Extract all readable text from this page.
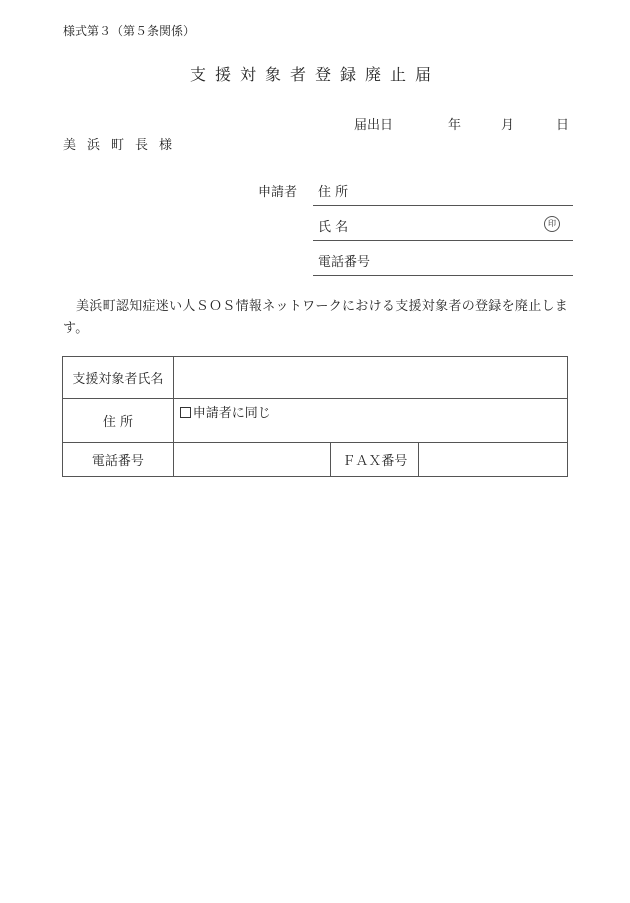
様式第３（第５条関係）
支援対象者登録廃止届
届出日	年	月	日
美浜町長様
申請者 住 所
氏 名	印
電話番号
美浜町認知症迷い人ＳＯＳ情報ネットワークにおける支援対象者の登録を廃止します。
支援対象者氏名			
住 所	申請者に同じ		
電話番号		ＦＡＸ番号	
